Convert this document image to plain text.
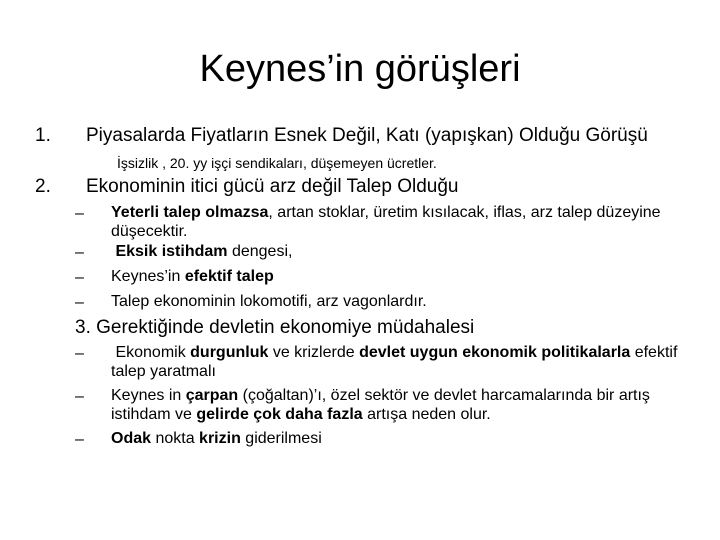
Keynes’in görüşleri
1. Piyasalarda Fiyatların Esnek Değil, Katı (yapışkan) Olduğu Görüşü
İşsizlik , 20. yy işçi sendikaları, düşemeyen ücretler.
2. Ekonominin itici gücü arz değil Talep Olduğu
– Yeterli talep olmazsa, artan stoklar, üretim kısılacak, iflas, arz talep düzeyine düşecektir.
– Eksik istihdam dengesi,
– Keynes’in efektif talep
– Talep ekonominin lokomotifi, arz vagonlardır.
3. Gerektiğinde devletin ekonomiye müdahalesi
– Ekonomik durgunluk ve krizlerde devlet uygun ekonomik politikalarla efektif talep yaratmalı
– Keynes in çarpan (çoğaltan)’ı, özel sektör ve devlet harcamalarında bir artış istihdam ve gelirde çok daha fazla artışa neden olur.
– Odak nokta krizin giderilmesi
